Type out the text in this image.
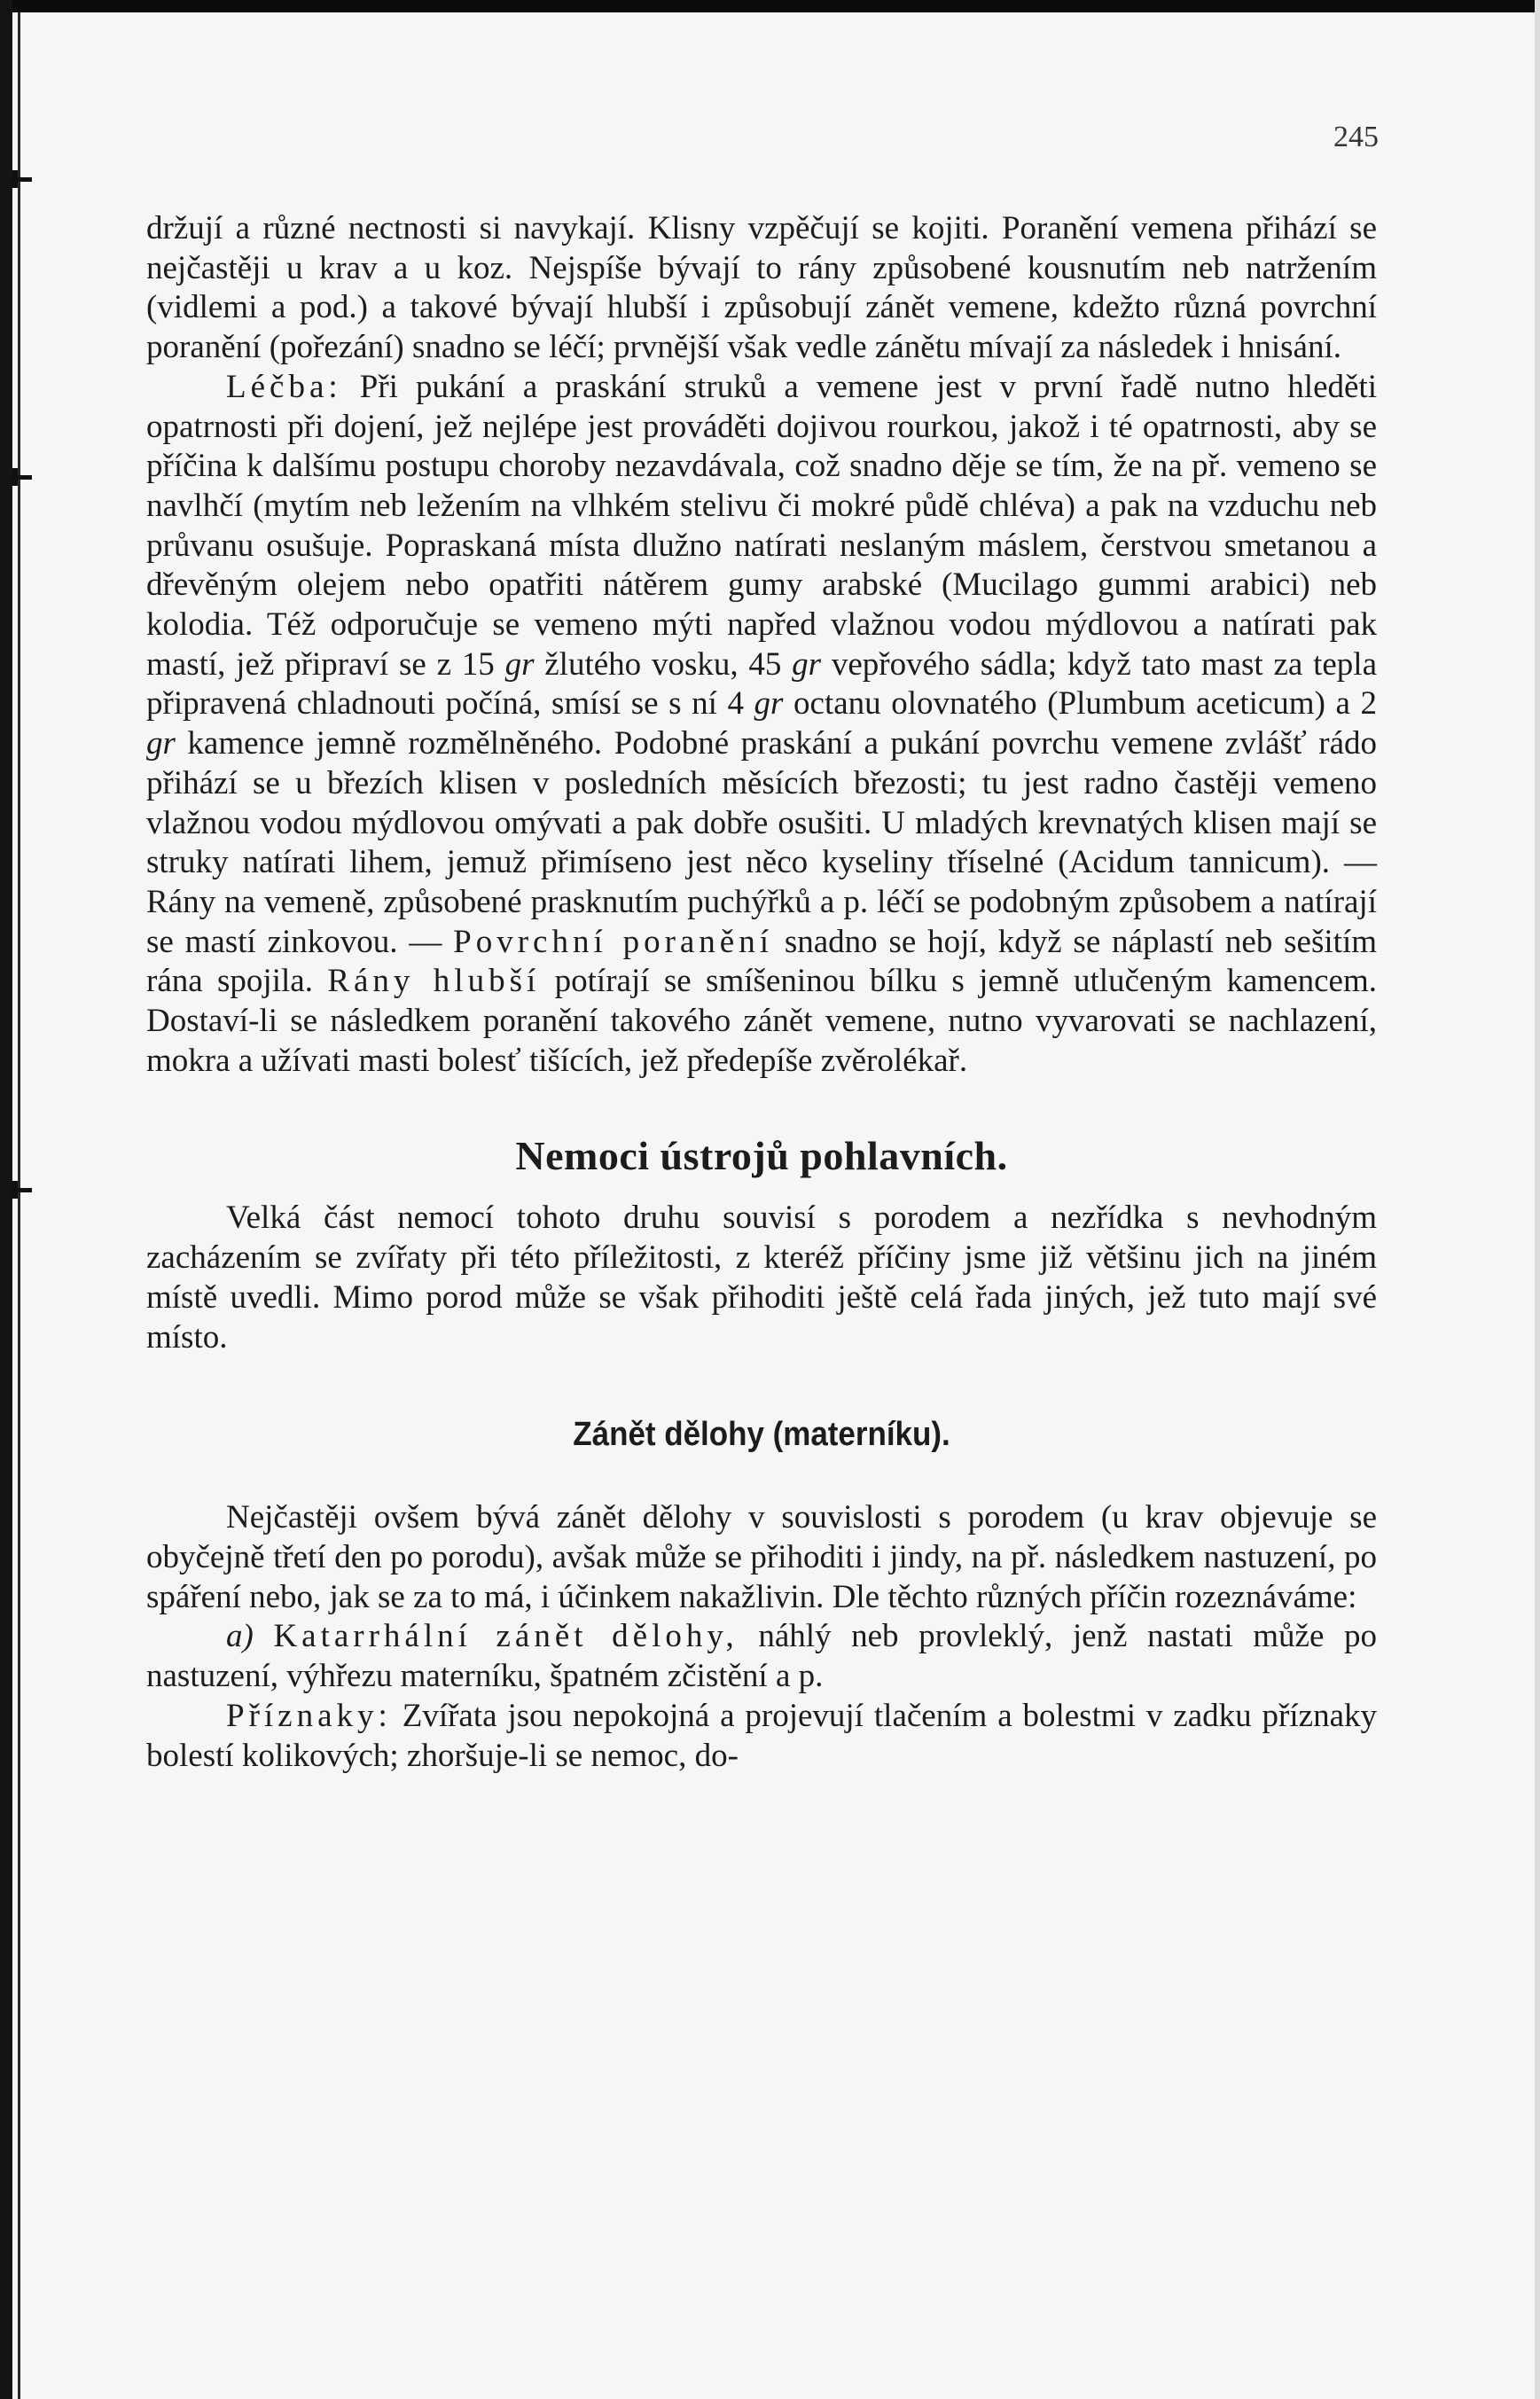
245

držují a různé nectnosti si navykají. Klisny vzpěčují se kojiti. Poranění vemena přihází se nejčastěji u krav a u koz. Nejspíše bývají to rány způsobené kousnutím neb natržením (vidlemi a pod.) a takové bývají hlubší i způsobují zánět vemene, kdežto různá povrchní poranění (pořezání) snadno se léčí; prvnější však vedle zánětu mívají za následek i hnisání.

Léčba: Při pukání a praskání struků a vemene jest v první řadě nutno hleděti opatrnosti při dojení, jež nejlépe jest prováděti dojivou rourkou, jakož i té opatrnosti, aby se příčina k dalšímu postupu choroby nezavdávala, což snadno děje se tím, že na př. vemeno se navlhčí (mytím neb ležením na vlhkém stelivu či mokré půdě chléva) a pak na vzduchu neb průvanu osušuje. Popraskaná místa dlužno natírati neslaným máslem, čerstvou smetanou a dřevěným olejem nebo opatřiti nátěrem gumy arabské (Mucilago gummi arabici) neb kolodia. Též odporučuje se vemeno mýti napřed vlažnou vodou mýdlovou a natírati pak mastí, jež připraví se z 15 gr žlutého vosku, 45 gr vepřového sádla; když tato mast za tepla připravená chladnouti počíná, smísí se s ní 4 gr octanu olovnatého (Plumbum aceticum) a 2 gr kamence jemně rozmělněného. Podobné praskání a pukání povrchu vemene zvlášť rádo přihází se u březích klisen v posledních měsících březosti; tu jest radno častěji vemeno vlažnou vodou mýdlovou omývati a pak dobře osušiti. U mladých krevnatých klisen mají se struky natírati lihem, jemuž přimíseno jest něco kyseliny tříselné (Acidum tannicum). — Rány na vemeně, způsobené prasknutím puchýřků a p. léčí se podobným způsobem a natírají se mastí zinkovou. — Povrchní poranění snadno se hojí, když se náplastí neb sešitím rána spojila. Rány hlubší potírají se smíšeninou bílku s jemně utlučeným kamencem. Dostaví-li se následkem poranění takového zánět vemene, nutno vyvarovati se nachlazení, mokra a užívati masti bolesť tišících, jež předepíše zvěrolékař.

Nemoci ústrojů pohlavních.

Velká část nemocí tohoto druhu souvisí s porodem a nezřídka s nevhodným zacházením se zvířaty při této příležitosti, z kteréž příčiny jsme již většinu jich na jiném místě uvedli. Mimo porod může se však přihoditi ještě celá řada jiných, jež tuto mají své místo.

Zánět dělohy (materníku).

Nejčastěji ovšem bývá zánět dělohy v souvislosti s porodem (u krav objevuje se obyčejně třetí den po porodu), avšak může se přihoditi i jindy, na př. následkem nastuzení, po spáření nebo, jak se za to má, i účinkem nakažlivin. Dle těchto různých příčin rozeznáváme:

a) Katarrhální zánět dělohy, náhlý neb provleklý, jenž nastati může po nastuzení, výhřezu materníku, špatném zčistění a p.

Příznaky: Zvířata jsou nepokojná a projevují tlačením a bolestmi v zadku příznaky bolestí kolikových; zhoršuje-li se nemoc, do-
